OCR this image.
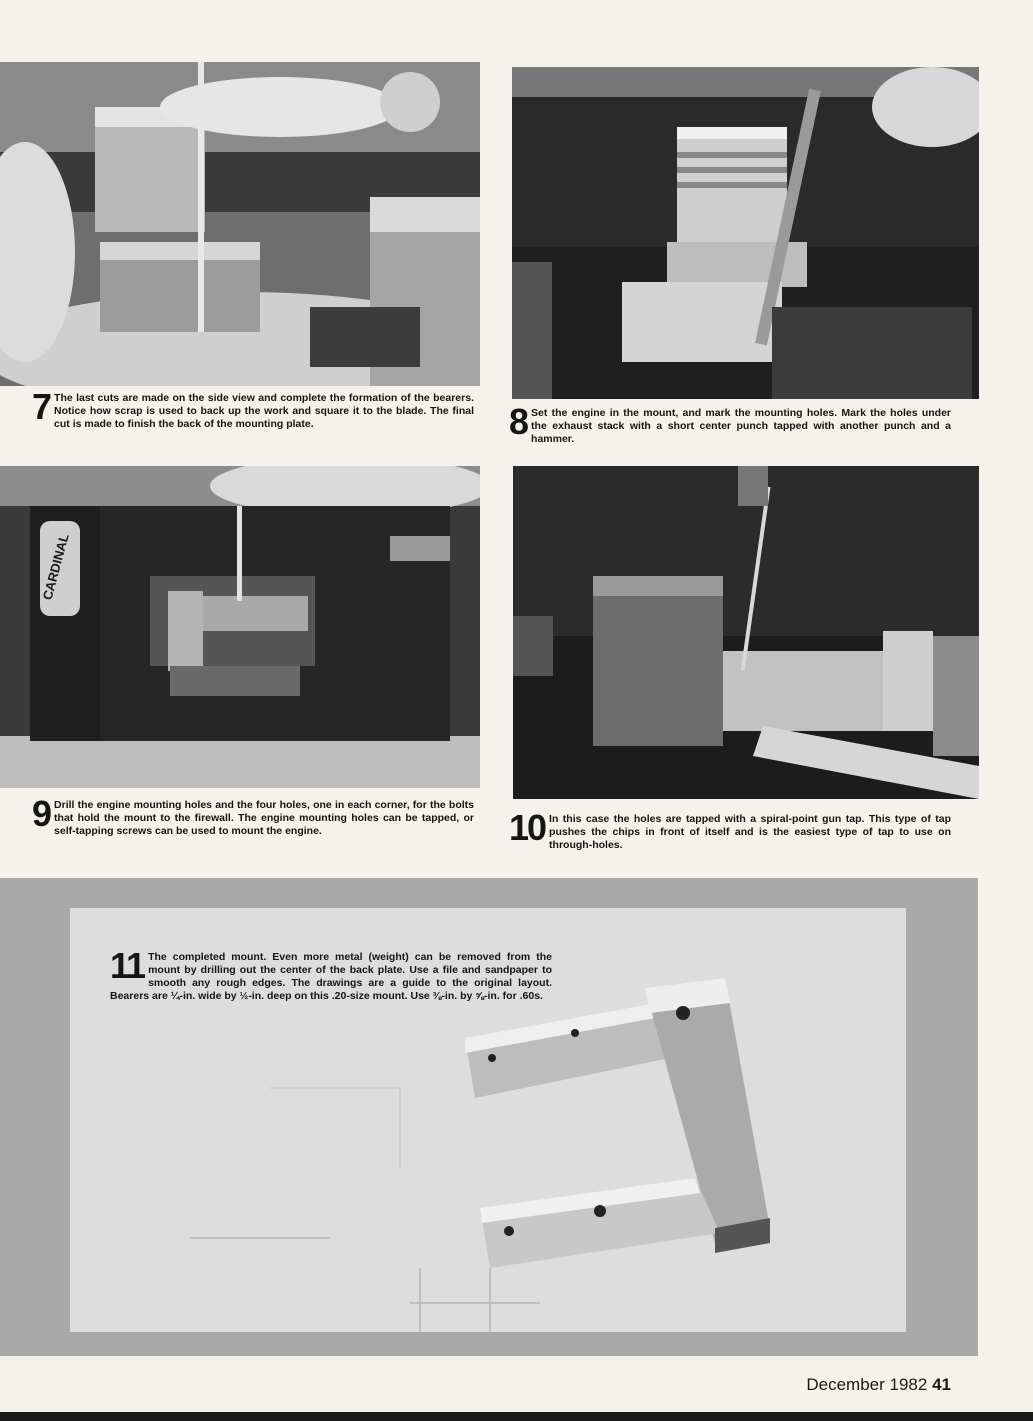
7 The last cuts are made on the side view and complete the formation of the bearers. Notice how scrap is used to back up the work and square it to the blade. The final cut is made to finish the back of the mounting plate.	8 Set the engine in the mount, and mark the mounting holes. Mark the holes under the exhaust stack with a short center punch tapped with another punch and a hammer.
CARDINAL
9 Drill the engine mounting holes and the four holes, one in each corner, for the bolts that hold the mount to the firewall. The engine mounting holes can be tapped, or self-tapping screws can be used to mount the engine.	10 In this case the holes are tapped with a spiral-point gun tap. This type of tap pushes the chips in front of itself and is the easiest type of tap to use on through-holes.
11 The completed mount. Even more metal (weight) can be removed from the mount by drilling out the center of the back plate. Use a file and sandpaper to smooth any rough edges. The drawings are a guide to the original layout. Bearers are ¼-in. wide by ½-in. deep on this .20-size mount. Use ⅜-in. by ⅝-in. for .60s.
December 1982 41
